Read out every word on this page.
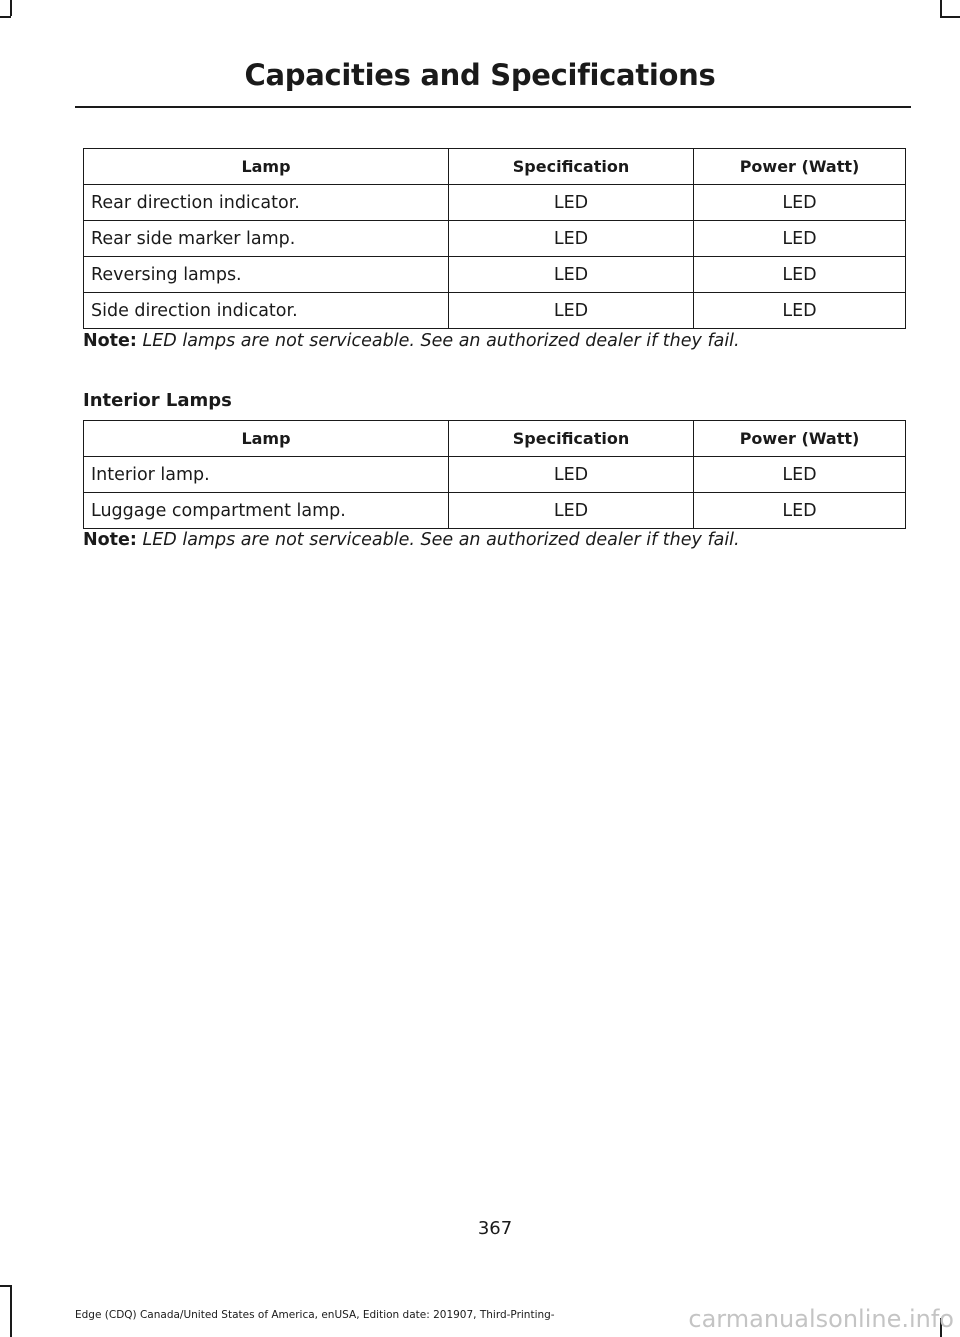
Capacities and Specifications
Lamp	Specification	Power (Watt)
Rear direction indicator.	LED	LED
Rear side marker lamp.	LED	LED
Reversing lamps.	LED	LED
Side direction indicator.	LED	LED

Note: LED lamps are not serviceable. See an authorized dealer if they fail.

Interior Lamps
Lamp	Specification	Power (Watt)
Interior lamp.	LED	LED
Luggage compartment lamp.	LED	LED

Note: LED lamps are not serviceable. See an authorized dealer if they fail.

367
Edge (CDQ) Canada/United States of America, enUSA, Edition date: 201907, Third-Printing-	carmanualsonline.info
